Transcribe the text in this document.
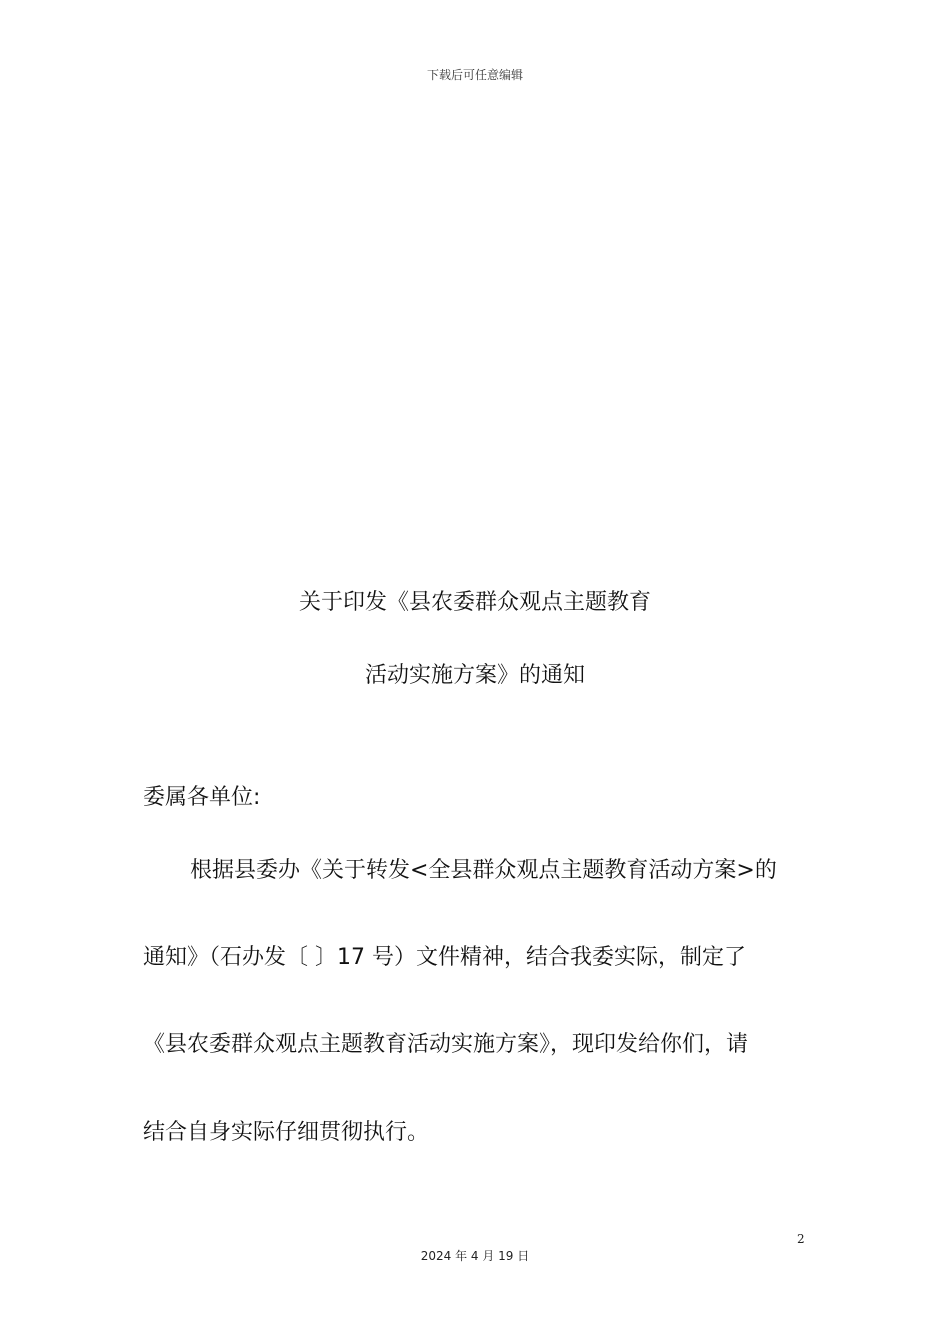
下载后可任意编辑
关于印发《县农委群众观点主题教育
活动实施方案》的通知
委属各单位:
根据县委办《关于转发<全县群众观点主题教育活动方案>的
通知》（石办发〔 〕17 号）文件精神，结合我委实际，制定了
《县农委群众观点主题教育活动实施方案》，现印发给你们，请
结合自身实际仔细贯彻执行。
2
2024 年 4 月 19 日
